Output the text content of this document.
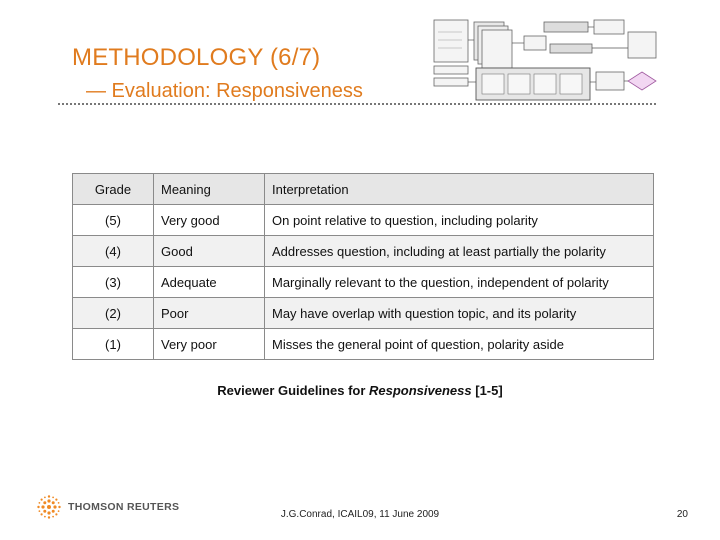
METHODOLOGY (6/7)
— Evaluation: Responsiveness
Grade	Meaning	Interpretation
(5)	Very good	On point relative to question, including polarity
(4)	Good	Addresses question, including at least partially the polarity
(3)	Adequate	Marginally relevant to the question, independent of polarity
(2)	Poor	May have overlap with question topic, and its polarity
(1)	Very poor	Misses the general point of question, polarity aside
Reviewer Guidelines for Responsiveness [1-5]
THOMSON REUTERS
J.G.Conrad, ICAIL09, 11 June 2009	20
